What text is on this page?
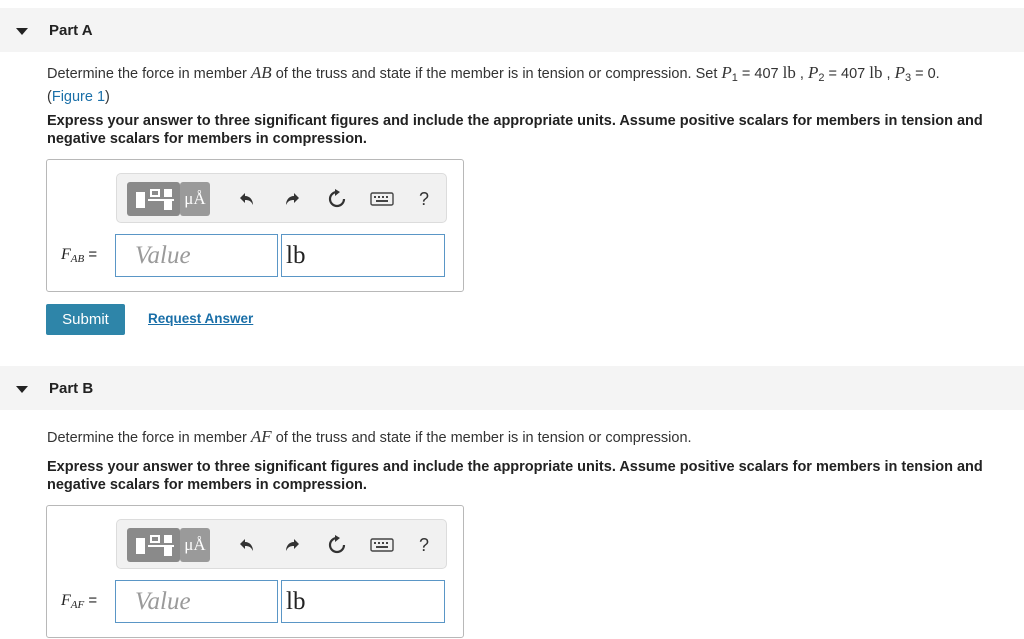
Part A
Determine the force in member AB of the truss and state if the member is in tension or compression. Set $P_1 = 407$ lb , $P_2 = 407$ lb , $P_3 = 0$.
(Figure 1)
Express your answer to three significant figures and include the appropriate units. Assume positive scalars for members in tension and negative scalars for members in compression.
μÅ	?
$F_{AB}$ =	Value	lb
Submit	Request Answer
Part B
Determine the force in member AF of the truss and state if the member is in tension or compression.
Express your answer to three significant figures and include the appropriate units. Assume positive scalars for members in tension and negative scalars for members in compression.
μÅ	?
$F_{AF}$ =	Value	lb
